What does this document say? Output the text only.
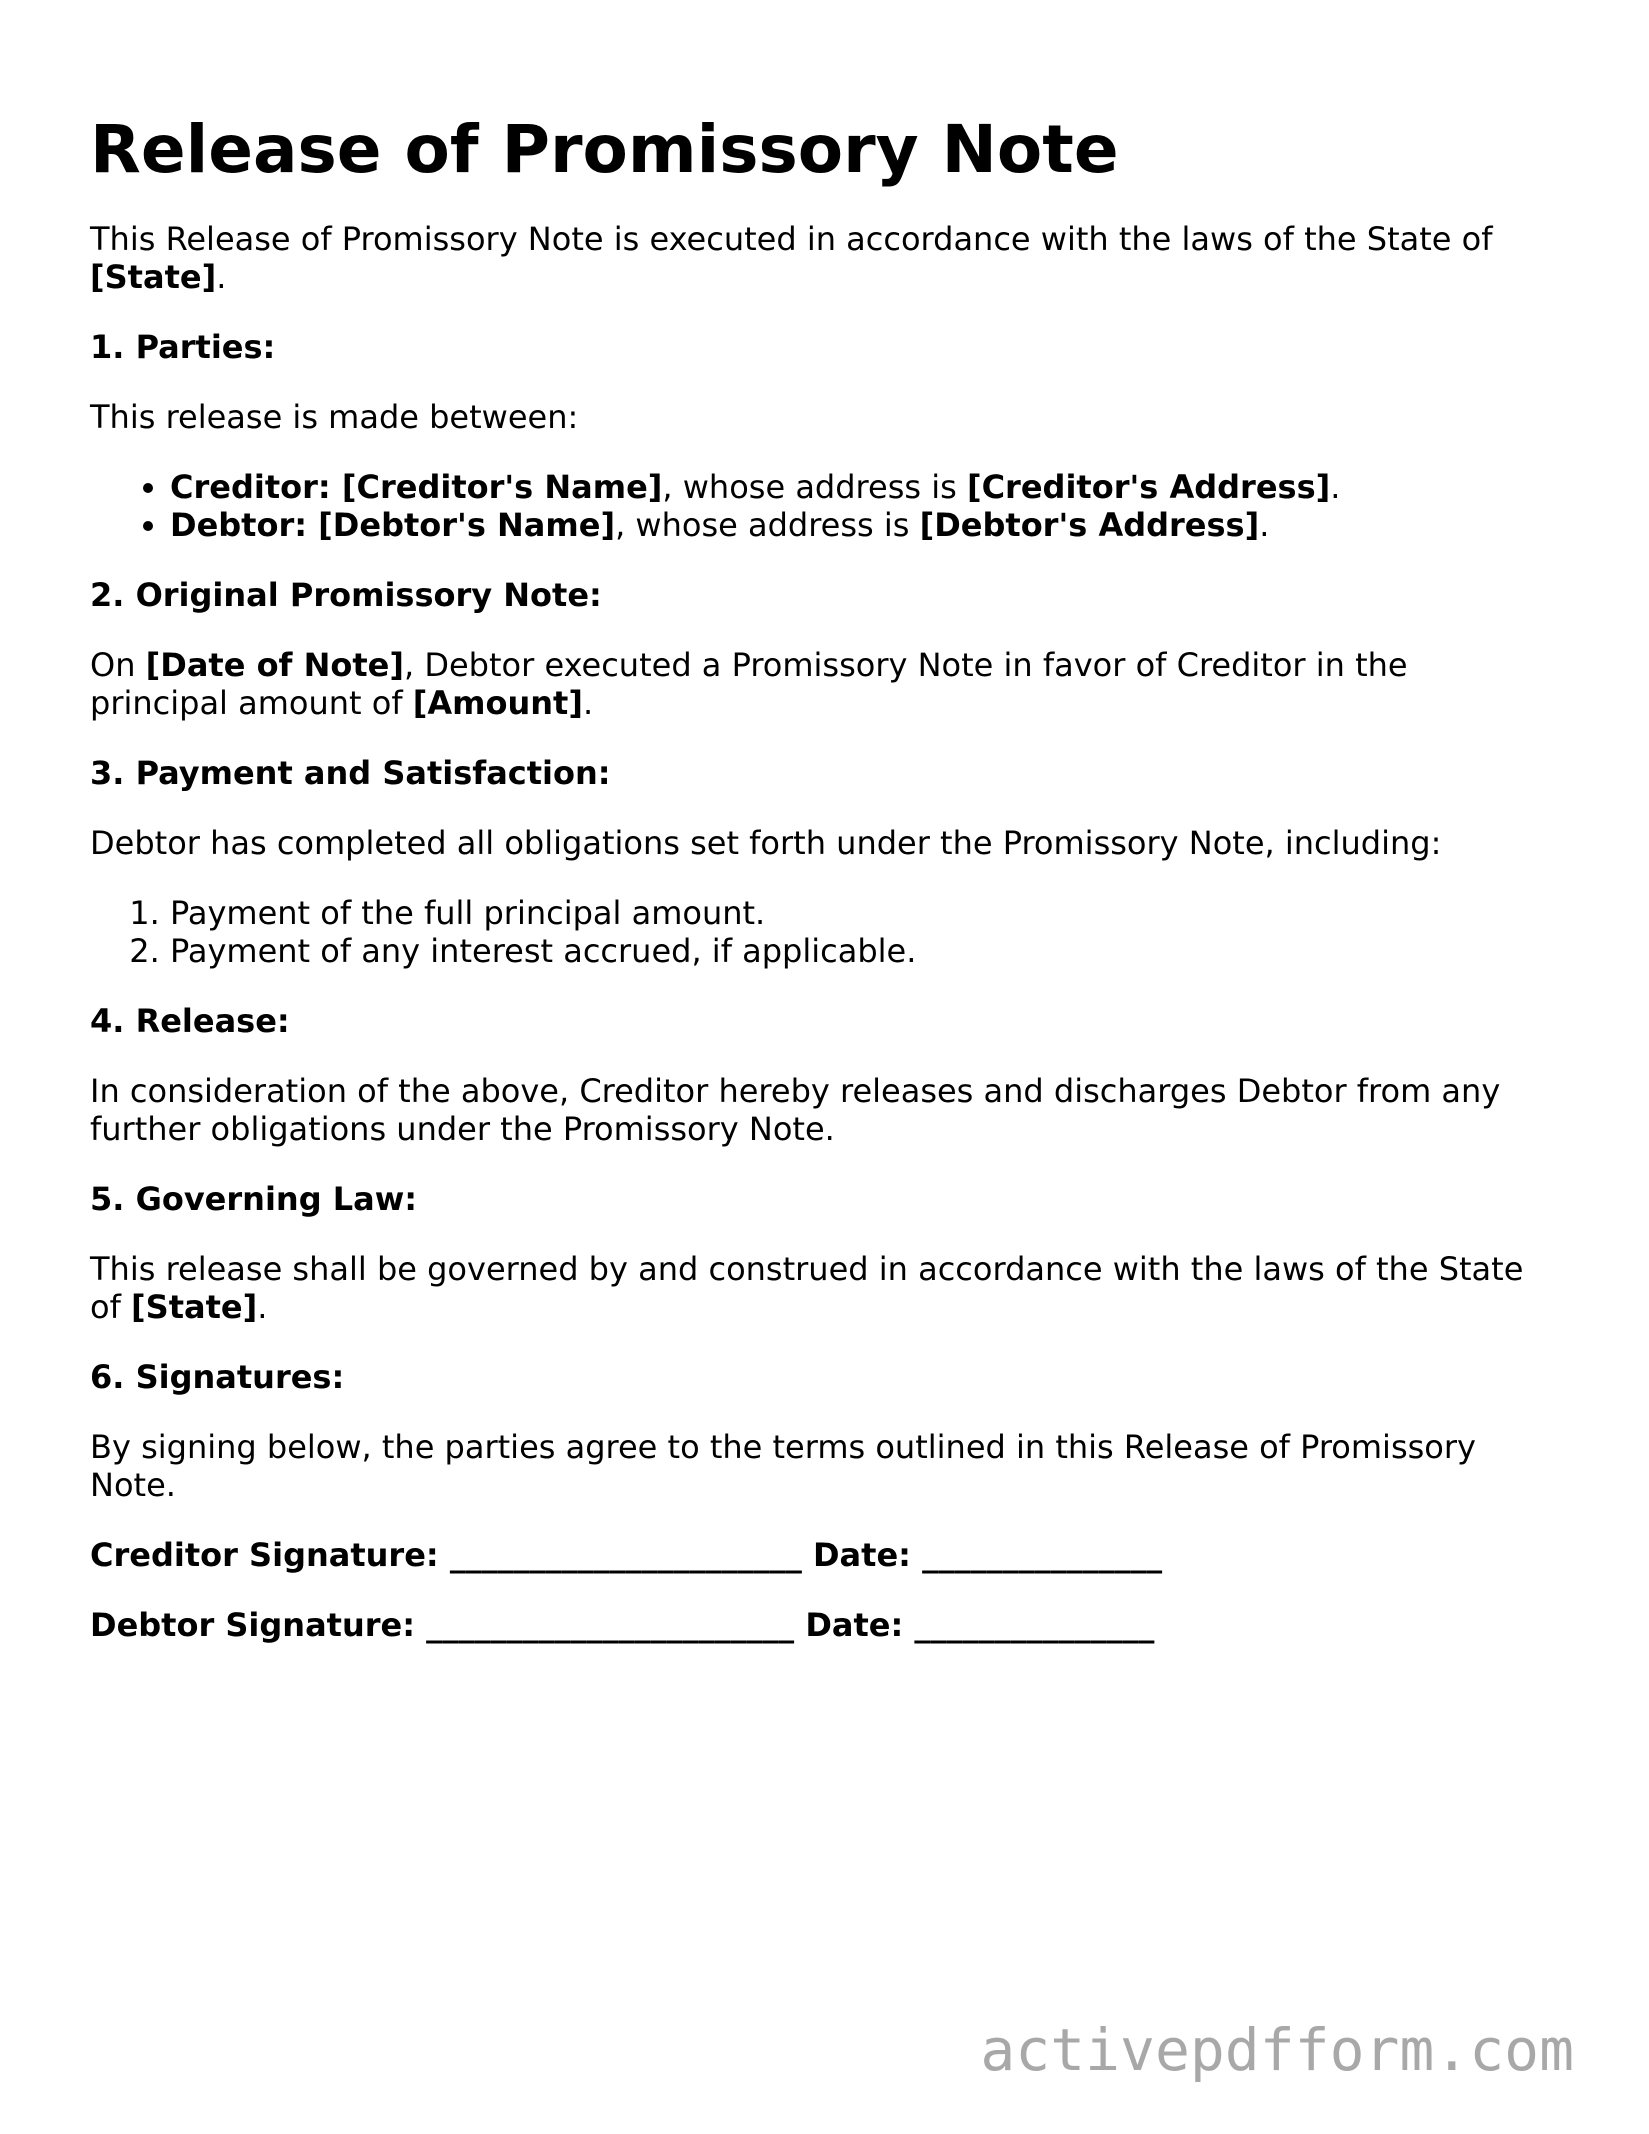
Release of Promissory Note

This Release of Promissory Note is executed in accordance with the laws of the State of [State].

1. Parties:

This release is made between:

• Creditor: [Creditor's Name], whose address is [Creditor's Address].
• Debtor: [Debtor's Name], whose address is [Debtor's Address].
2. Original Promissory Note:

On [Date of Note], Debtor executed a Promissory Note in favor of Creditor in the principal amount of [Amount].

3. Payment and Satisfaction:

Debtor has completed all obligations set forth under the Promissory Note, including:

1. Payment of the full principal amount.
2. Payment of any interest accrued, if applicable.
4. Release:

In consideration of the above, Creditor hereby releases and discharges Debtor from any further obligations under the Promissory Note.

5. Governing Law:

This release shall be governed by and construed in accordance with the laws of the State of [State].

6. Signatures:

By signing below, the parties agree to the terms outlined in this Release of Promissory Note.

Creditor Signature: ______________________ Date: _______________
Debtor Signature: _______________________ Date: _______________
activepdfform.com
